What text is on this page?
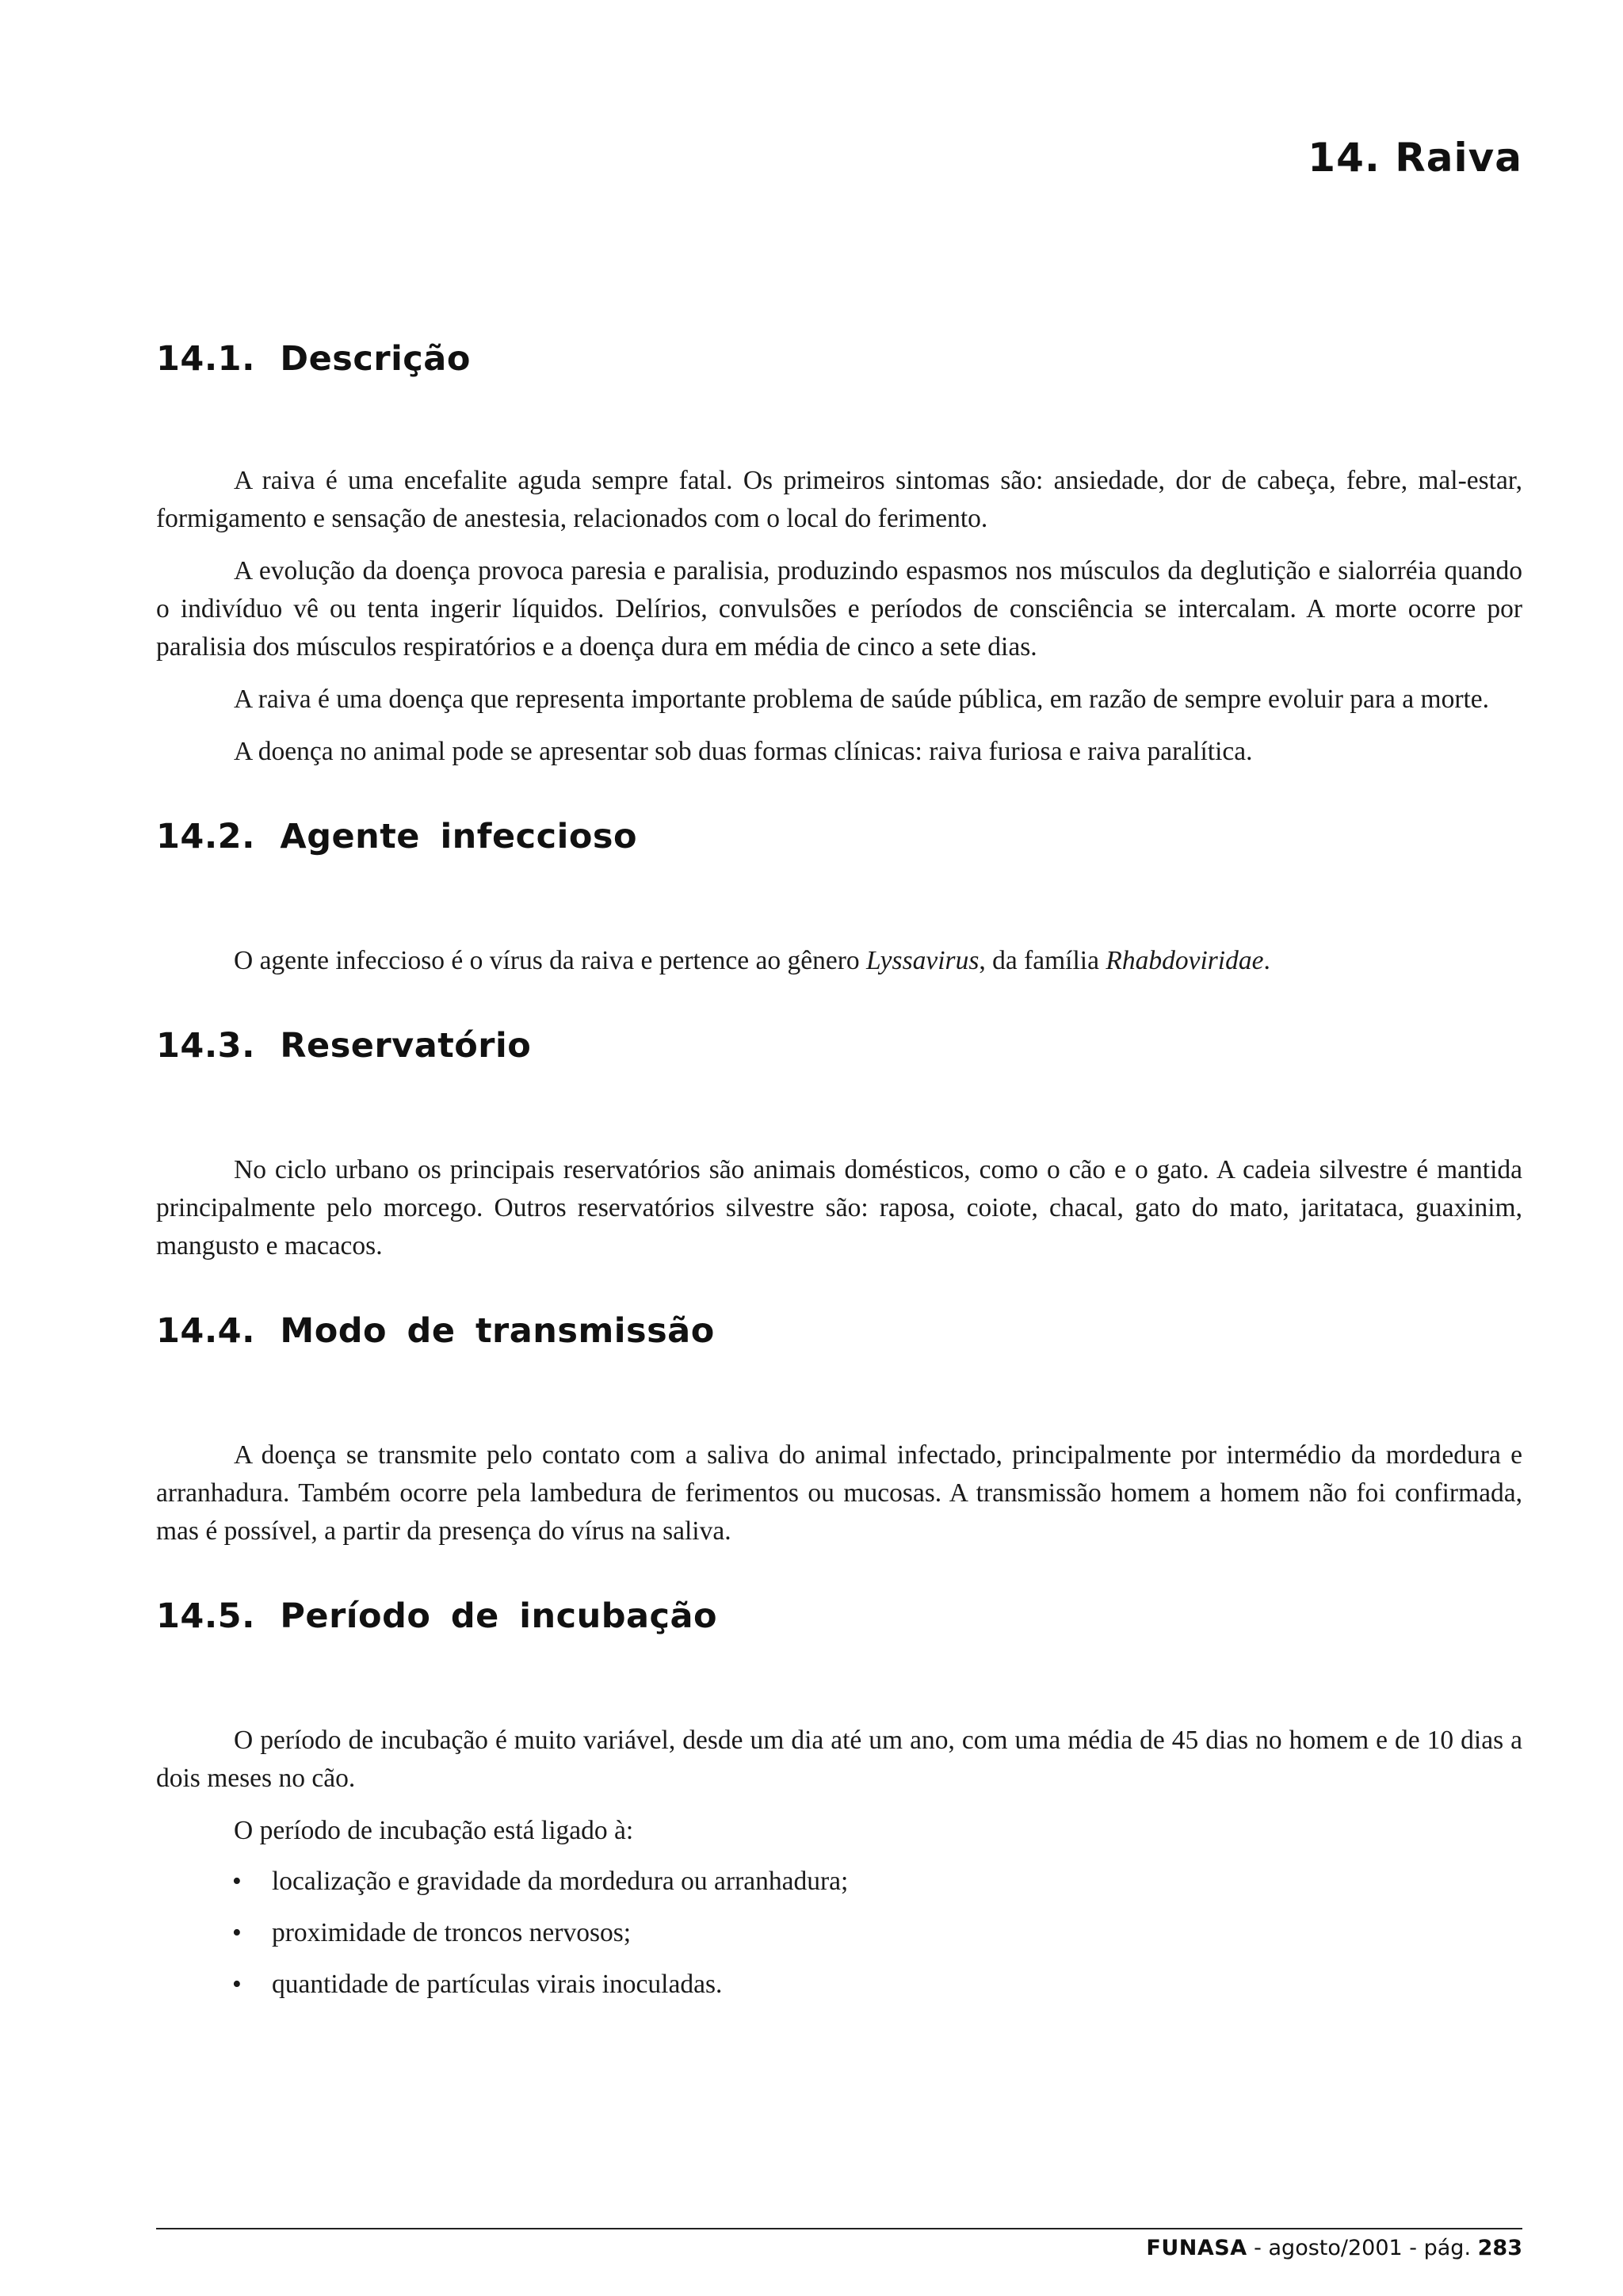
14. Raiva
14.1. Descrição

A raiva é uma encefalite aguda sempre fatal. Os primeiros sintomas são: ansiedade, dor de cabeça, febre, mal-estar, formigamento e sensação de anestesia, relacionados com o local do ferimento.

A evolução da doença provoca paresia e paralisia, produzindo espasmos nos músculos da deglutição e sialorréia quando o indivíduo vê ou tenta ingerir líquidos. Delírios, convulsões e períodos de consciência se intercalam. A morte ocorre por paralisia dos músculos respiratórios e a doença dura em média de cinco a sete dias.

A raiva é uma doença que representa importante problema de saúde pública, em razão de sempre evoluir para a morte.

A doença no animal pode se apresentar sob duas formas clínicas: raiva furiosa e raiva paralítica.

14.2. Agente infeccioso

O agente infeccioso é o vírus da raiva e pertence ao gênero Lyssavirus, da família Rhabdoviridae.

14.3. Reservatório

No ciclo urbano os principais reservatórios são animais domésticos, como o cão e o gato. A cadeia silvestre é mantida principalmente pelo morcego. Outros reservatórios silvestre são: raposa, coiote, chacal, gato do mato, jaritataca, guaxinim, mangusto e macacos.

14.4. Modo de transmissão

A doença se transmite pelo contato com a saliva do animal infectado, principalmente por intermédio da mordedura e arranhadura. Também ocorre pela lambedura de ferimentos ou mucosas. A transmissão homem a homem não foi confirmada, mas é possível, a partir da presença do vírus na saliva.

14.5. Período de incubação

O período de incubação é muito variável, desde um dia até um ano, com uma média de 45 dias no homem e de 10 dias a dois meses no cão.

O período de incubação está ligado à:

• localização e gravidade da mordedura ou arranhadura;
• proximidade de troncos nervosos;
• quantidade de partículas virais inoculadas.
FUNASA - agosto/2001 - pág. 283
